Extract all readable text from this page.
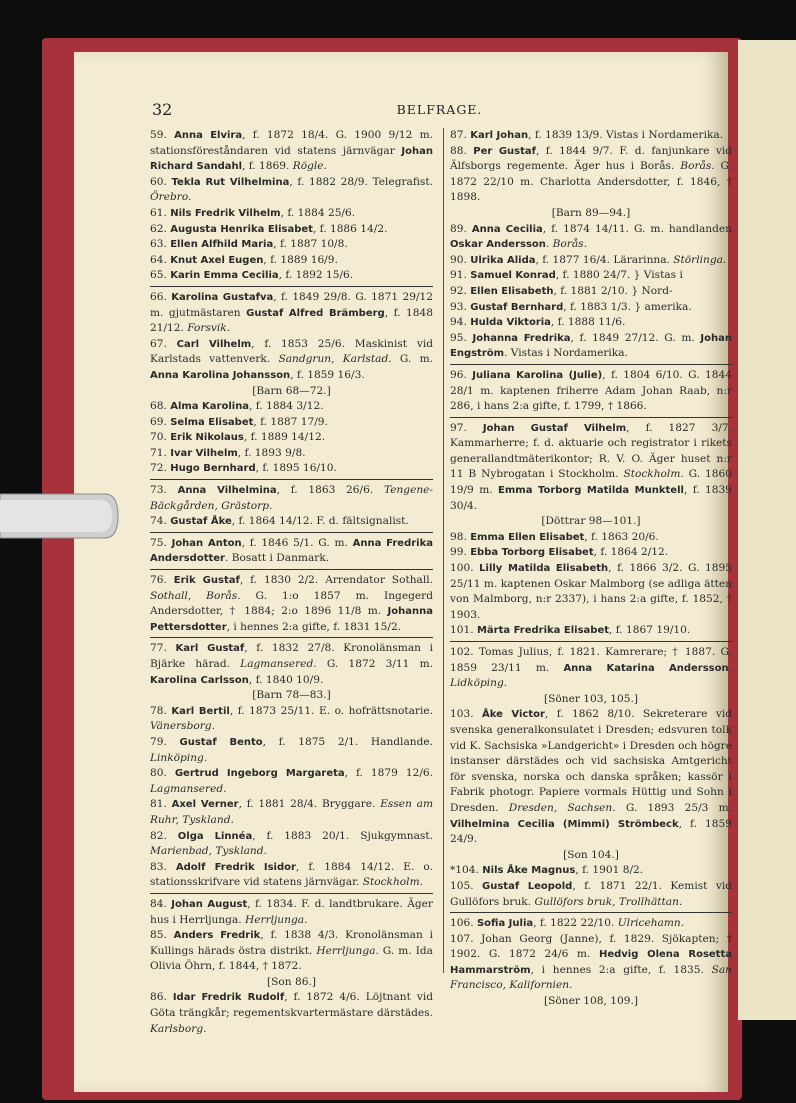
32	BELFRAGE.

59. Anna Elvira, f. 1872 18/4. G. 1900 9/12 m. stationsföreståndaren vid statens järnvägar Johan Richard Sandahl, f. 1869. Rögle.

60. Tekla Rut Vilhelmina, f. 1882 28/9. Telegrafist. Örebro.

61. Nils Fredrik Vilhelm, f. 1884 25/6.

62. Augusta Henrika Elisabet, f. 1886 14/2.

63. Ellen Alfhild Maria, f. 1887 10/8.

64. Knut Axel Eugen, f. 1889 16/9.

65. Karin Emma Cecilia, f. 1892 15/6.

66. Karolina Gustafva, f. 1849 29/8. G. 1871 29/12 m. gjutmästaren Gustaf Alfred Brämberg, f. 1848 21/12. Forsvik.

67. Carl Vilhelm, f. 1853 25/6. Maskinist vid Karlstads vattenverk. Sandgrun, Karlstad. G. m. Anna Karolina Johansson, f. 1859 16/3.

[Barn 68—72.]

68. Alma Karolina, f. 1884 3/12.

69. Selma Elisabet, f. 1887 17/9.

70. Erik Nikolaus, f. 1889 14/12.

71. Ivar Vilhelm, f. 1893 9/8.

72. Hugo Bernhard, f. 1895 16/10.

73. Anna Vilhelmina, f. 1863 26/6. Tengene-Bäckgården, Grästorp.

74. Gustaf Åke, f. 1864 14/12. F. d. fältsignalist.

75. Johan Anton, f. 1846 5/1. G. m. Anna Fredrika Andersdotter. Bosatt i Danmark.

76. Erik Gustaf, f. 1830 2/2. Arrendator Sothall. Sothall, Borås. G. 1:o 1857 m. Ingegerd Andersdotter, † 1884; 2:o 1896 11/8 m. Johanna Pettersdotter, i hennes 2:a gifte, f. 1831 15/2.

77. Karl Gustaf, f. 1832 27/8. Kronolänsman i Bjärke härad. Lagmansered. G. 1872 3/11 m. Karolina Carlsson, f. 1840 10/9.

[Barn 78—83.]

78. Karl Bertil, f. 1873 25/11. E. o. hofrättsnotarie. Vänersborg.

79. Gustaf Bento, f. 1875 2/1. Handlande. Linköping.

80. Gertrud Ingeborg Margareta, f. 1879 12/6. Lagmansered.

81. Axel Verner, f. 1881 28/4. Bryggare. Essen am Ruhr, Tyskland.

82. Olga Linnéa, f. 1883 20/1. Sjukgymnast. Marienbad, Tyskland.

83. Adolf Fredrik Isidor, f. 1884 14/12. E. o. stationsskrifvare vid statens järnvägar. Stockholm.

84. Johan August, f. 1834. F. d. landtbrukare. Äger hus i Herrljunga. Herrljunga.

85. Anders Fredrik, f. 1838 4/3. Kronolänsman i Kullings härads östra distrikt. Herrljunga. G. m. Ida Olivia Öhrn, f. 1844, † 1872.

[Son 86.]

86. Idar Fredrik Rudolf, f. 1872 4/6. Löjtnant vid Göta trängkår; regementskvartermästare därstädes. Karlsborg.

87. Karl Johan, f. 1839 13/9. Vistas i Nordamerika.

88. Per Gustaf, f. 1844 9/7. F. d. fanjunkare vid Älfsborgs regemente. Äger hus i Borås. Borås. G. 1872 22/10 m. Charlotta Andersdotter, f. 1846, † 1898.

[Barn 89—94.]

89. Anna Cecilia, f. 1874 14/11. G. m. handlanden Oskar Andersson. Borås.

90. Ulrika Alida, f. 1877 16/4. Lärarinna. Störlinga.

91. Samuel Konrad, f. 1880 24/7. } Vistas i

92. Ellen Elisabeth, f. 1881 2/10. } Nord-

93. Gustaf Bernhard, f. 1883 1/3. } amerika.

94. Hulda Viktoria, f. 1888 11/6.

95. Johanna Fredrika, f. 1849 27/12. G. m. Johan Engström. Vistas i Nordamerika.

96. Juliana Karolina (Julie), f. 1804 6/10. G. 1844 28/1 m. kaptenen friherre Adam Johan Raab, n:r 286, i hans 2:a gifte, f. 1799, † 1866.

97. Johan Gustaf Vilhelm, f. 1827 3/7. Kammarherre; f. d. aktuarie och registrator i rikets generallandtmäterikontor; R. V. O. Äger huset n:r 11 B Nybrogatan i Stockholm. Stockholm. G. 1860 19/9 m. Emma Torborg Matilda Munktell, f. 1839 30/4.

[Döttrar 98—101.]

98. Emma Ellen Elisabet, f. 1863 20/6.

99. Ebba Torborg Elisabet, f. 1864 2/12.

100. Lilly Matilda Elisabeth, f. 1866 3/2. G. 1895 25/11 m. kaptenen Oskar Malmborg (se adliga ätten von Malmborg, n:r 2337), i hans 2:a gifte, f. 1852, † 1903.

101. Märta Fredrika Elisabet, f. 1867 19/10.

102. Tomas Julius, f. 1821. Kamrerare; † 1887. G. 1859 23/11 m. Anna Katarina Andersson. Lidköping.

[Söner 103, 105.]

103. Åke Victor, f. 1862 8/10. Sekreterare vid svenska generalkonsulatet i Dresden; edsvuren tolk vid K. Sachsiska »Landgericht» i Dresden och högre instanser därstädes och vid sachsiska Amtgericht för svenska, norska och danska språken; kassör i Fabrik photogr. Papiere vormals Hüttig und Sohn i Dresden. Dresden, Sachsen. G. 1893 25/3 m. Vilhelmina Cecilia (Mimmi) Strömbeck, f. 1859 24/9.

[Son 104.]

*104. Nils Åke Magnus, f. 1901 8/2.

105. Gustaf Leopold, f. 1871 22/1. Kemist vid Gullöfors bruk. Gullöfors bruk, Trollhättan.

106. Sofia Julia, f. 1822 22/10. Ulricehamn.

107. Johan Georg (Janne), f. 1829. Sjökapten; † 1902. G. 1872 24/6 m. Hedvig Olena Rosetta Hammarström, i hennes 2:a gifte, f. 1835. San Francisco, Kalifornien.

[Söner 108, 109.]
